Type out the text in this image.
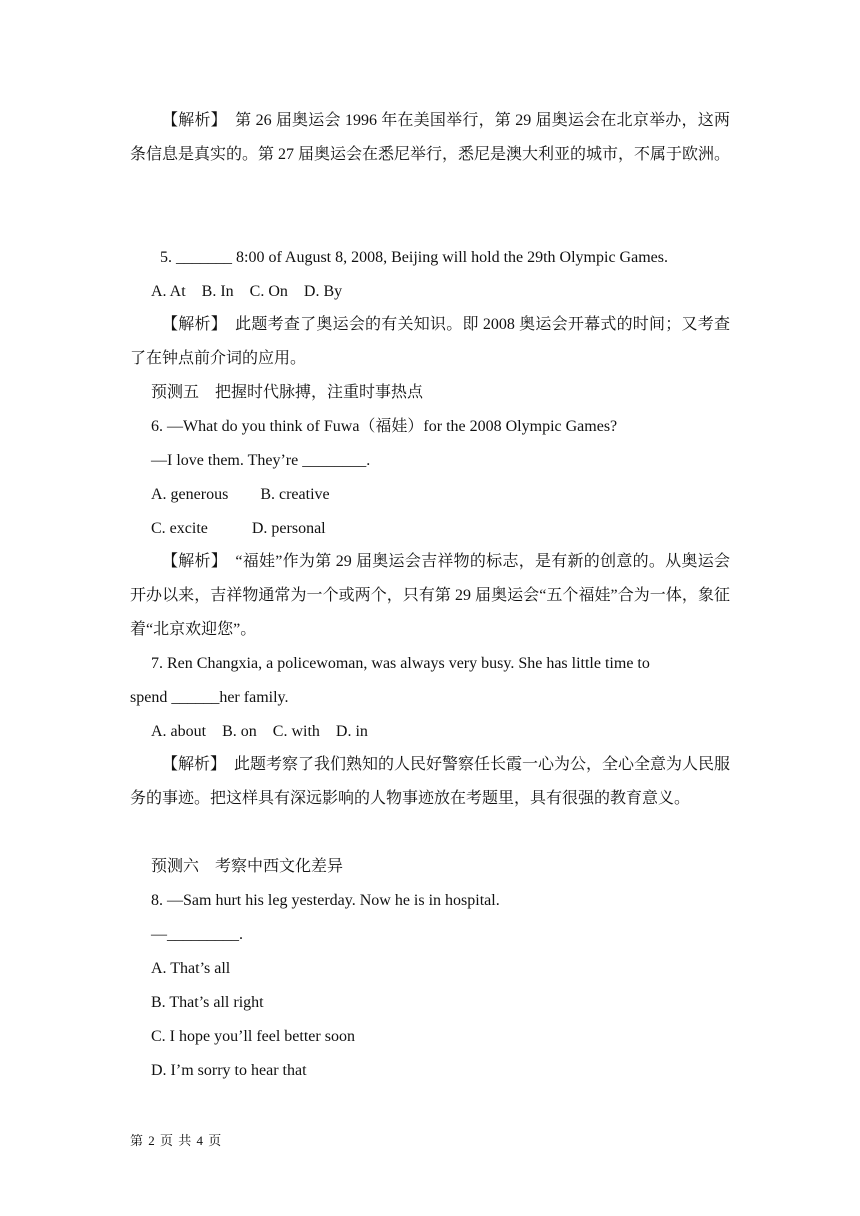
【解析】　第 26 届奥运会 1996 年在美国举行，第 29 届奥运会在北京举办，这两条信息是真实的。第 27 届奥运会在悉尼举行，悉尼是澳大利亚的城市，不属于欧洲。
5. _______ 8:00 of August 8, 2008, Beijing will hold the 29th Olympic Games.
A. At    B. In    C. On    D. By
【解析】　此题考查了奥运会的有关知识。即 2008 奥运会开幕式的时间；又考查了在钟点前介词的应用。
预测五　把握时代脉搏，注重时事热点
6. —What do you think of Fuwa（福娃）for the 2008 Olympic Games?
—I love them. They’re ________.
A. generous        B. creative
C. excite           D. personal
【解析】　“福娃”作为第 29 届奥运会吉祥物的标志，是有新的创意的。从奥运会开办以来，吉祥物通常为一个或两个，只有第 29 届奥运会“五个福娃”合为一体，象征着“北京欢迎您”。
7. Ren Changxia, a policewoman, was always very busy. She has little time to
spend ______her family.
A. about    B. on    C. with    D. in
【解析】　此题考察了我们熟知的人民好警察任长霞一心为公，全心全意为人民服务的事迹。把这样具有深远影响的人物事迹放在考题里，具有很强的教育意义。
预测六　考察中西文化差异
8. —Sam hurt his leg yesterday. Now he is in hospital.
—_________.
A. That’s all
B. That’s all right
C. I hope you’ll feel better soon
D. I’m sorry to hear that
第 2 页 共 4 页
